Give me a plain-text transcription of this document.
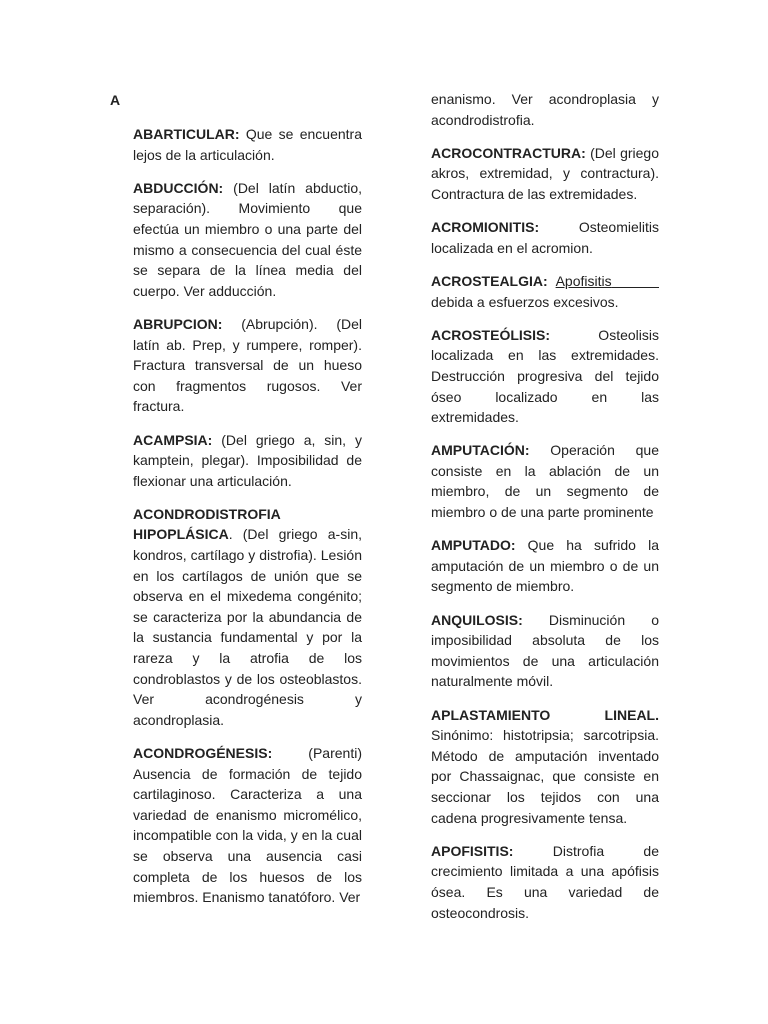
A
ABARTICULAR: Que se encuentra lejos de la articulación.
ABDUCCIÓN: (Del latín abductio, separación). Movimiento que efectúa un miembro o una parte del mismo a consecuencia del cual éste se separa de la línea media del cuerpo. Ver adducción.
ABRUPCION: (Abrupción). (Del latín ab. Prep, y rumpere, romper). Fractura transversal de un hueso con fragmentos rugosos. Ver fractura.
ACAMPSIA: (Del griego a, sin, y kamptein, plegar). Imposibilidad de flexionar una articulación.
ACONDRODISTROFIA HIPOPLÁSICA. (Del griego a-sin, kondros, cartílago y distrofia). Lesión en los cartílagos de unión que se observa en el mixedema congénito; se caracteriza por la abundancia de la sustancia fundamental y por la rareza y la atrofia de los condroblastos y de los osteoblastos. Ver acondrogénesis y acondroplasia.
ACONDROGÉNESIS: (Parenti) Ausencia de formación de tejido cartilaginoso. Caracteriza a una variedad de enanismo micromélico, incompatible con la vida, y en la cual se observa una ausencia casi completa de los huesos de los miembros. Enanismo tanatóforo. Ver
enanismo. Ver acondroplasia y acondrodistrofia.
ACROCONTRACTURA: (Del griego akros, extremidad, y contractura). Contractura de las extremidades.
ACROMIONITIS: Osteomielitis localizada en el acromion.
ACROSTEALGIA: Apofisitis       debida a esfuerzos excesivos.
ACROSTEÓLISIS: Osteolisis localizada en las extremidades. Destrucción progresiva del tejido óseo localizado en las extremidades.
AMPUTACIÓN: Operación que consiste en la ablación de un miembro, de un segmento de miembro o de una parte prominente
AMPUTADO: Que ha sufrido la amputación de un miembro o de un segmento de miembro.
ANQUILOSIS: Disminución o imposibilidad absoluta de los movimientos de una articulación naturalmente móvil.
APLASTAMIENTO LINEAL. Sinónimo: histotripsia; sarcotripsia. Método de amputación inventado por Chassaignac, que consiste en seccionar los tejidos con una cadena progresivamente tensa.
APOFISITIS: Distrofia de crecimiento limitada a una apófisis ósea. Es una variedad de osteocondrosis.
